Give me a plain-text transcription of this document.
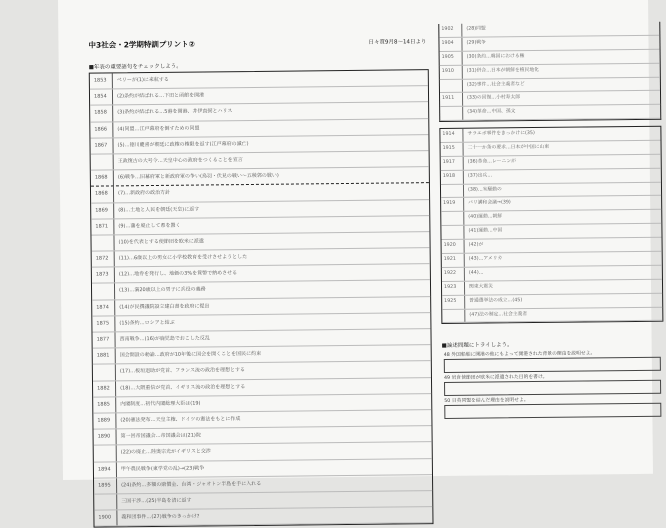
中3社会・2学期特訓プリント②	日々賞9月8～14日より
■年表の重要語句をチェックしよう。
1853	ペリーが(1)に来航する
1854	(2)条約が結ばれる…下田と函館を開港
1858	(3)条約が結ばれる…5港を開港、井伊直弼とハリス
1866	(4)同盟…江戸幕府を倒すための同盟
1867	(5)…徳川慶喜が朝廷に政権の権限を返す(江戸幕府の滅亡)
王政復古の大号令…天皇中心の政府をつくることを宣言
1868	(6)戦争…旧幕府軍と新政府軍の争い(鳥羽・伏見の戦い～五稜郭の戦い)
1868	(7)…新政府の政治方針
1869	(8)…土地と人民を朝廷(天皇)に返す
1871	(9)…藩を廃止して県を置く
(10)を代表とする使節団を欧米に派遣
1872	(11)…6歳以上の男女に小学校教育を受けさせようとした
1873	(12)…地券を発行し、地価の3%を貨幣で納めさせる
(13)…満20歳以上の男子に兵役の義務
1874	(14)が民撰議院設立建白書を政府に提出
1875	(15)条約…ロシアと結ぶ
1877	西南戦争…(16)が鹿児島でおこした反乱
1881	国会開設の勅諭…政府が10年後に国会を開くことを国民に約束
(17)…板垣退助が党首、フランス流の政治を理想とする
1882	(18)…大隈重信が党首、イギリス流の政治を理想とする
1885	内閣制度…初代内閣総理大臣は(19)
1889	(20)憲法発布…天皇主権、ドイツの憲法をもとに作成
1890	第一回帝国議会…帝国議会は(21)院
(22)の廃止…陸奥宗光がイギリスと交渉
1894	甲午農民戦争(東学党の乱)→(23)戦争
1895	(24)条約…多額の賠償金、台湾・ジャオトン半島を手に入れる
三国干渉…(25)半島を清に返す
1900	義和団事件…(27)戦争のきっかけ?
1902	(28)同盟
1904	(29)戦争
1905	(30)条約…韓国における権
1910	(31)併合…日本が朝鮮を植民地化
(32)事件…社会主義者など
1911	(33)の回復…小村寿太郎
(34)革命…中国、孫文
1914	サラエボ事件をきっかけに(35)
1915	二十一か条の要求…日本が中国に山東
1917	(36)革命…レーニンが
1918	(37)出兵…
(38)…米騒動の
1919	パリ講和会議→(39)
(40)運動…朝鮮
(41)運動…中国
1920	(42)が
1921	(43)…アメリカ
1922	(44)…
1923	関東大震災
1925	普通選挙法の成立…(45)
(47)法の制定…社会主義者
■論述問題にトライしよう。
48 外国船舶に開港の他にもよって開港された背景の理由を説明せよ。
49 岩倉使節団が欧米に派遣された目的を書け。
50 日英同盟を結んだ理由を説明せよ。
